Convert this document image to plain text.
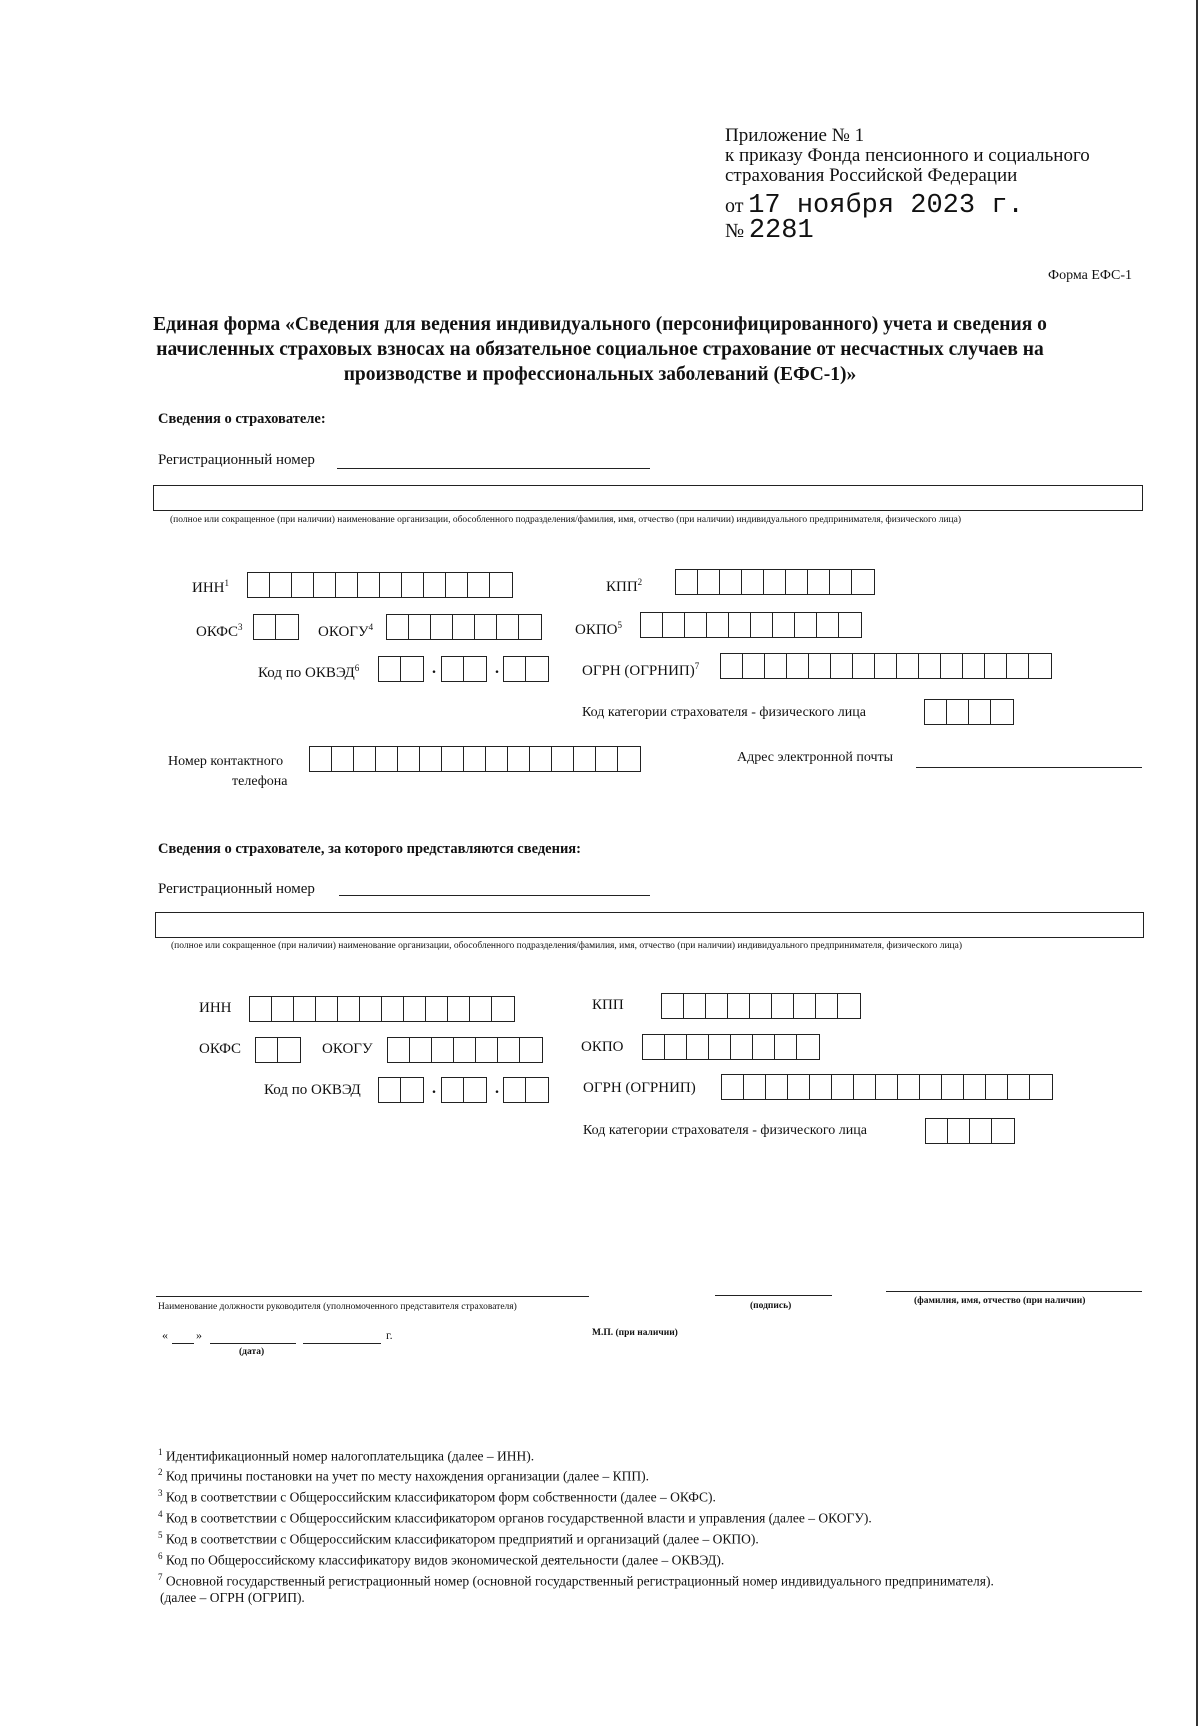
Приложение № 1
к приказу Фонда пенсионного и социального
страхования Российской Федерации
от 17 ноября 2023 г.
№ 2281
Форма ЕФС-1
Единая форма «Сведения для ведения индивидуального (персонифицированного) учета и сведения о начисленных страховых взносах на обязательное социальное страхование от несчастных случаев на производстве и профессиональных заболеваний (ЕФС-1)»
Сведения о страхователе:
Регистрационный номер
(полное или сокращенное (при наличии) наименование организации, обособленного подразделения/фамилия, имя, отчество (при наличии) индивидуального предпринимателя, физического лица)
ИНН$^1$	КПП$^2$
ОКФС$^3$	ОКОГУ$^4$	ОКПО$^5$
Код по ОКВЭД$^6$	.	.	ОГРН (ОГРНИП)$^7$
Код категории страхователя - физического лица
Номер контактного
телефона
Адрес электронной почты
Сведения о страхователе, за которого представляются сведения:
Регистрационный номер
(полное или сокращенное (при наличии) наименование организации, обособленного подразделения/фамилия, имя, отчество (при наличии) индивидуального предпринимателя, физического лица)
ИНН	КПП
ОКФС	ОКОГУ	ОКПО
Код по ОКВЭД	.	.	ОГРН (ОГРНИП)
Код категории страхователя - физического лица
Наименование должности руководителя (уполномоченного представителя страхователя)	(подпись)	(фамилия, имя, отчество (при наличии)
« »	г.
(дата)
М.П. (при наличии)
$^1$ Идентификационный номер налогоплательщика (далее – ИНН).
$^2$ Код причины постановки на учет по месту нахождения организации (далее – КПП).
$^3$ Код в соответствии с Общероссийским классификатором форм собственности (далее – ОКФС).
$^4$ Код в соответствии с Общероссийским классификатором органов государственной власти и управления (далее – ОКОГУ).
$^5$ Код в соответствии с Общероссийским классификатором предприятий и организаций (далее – ОКПО).
$^6$ Код по Общероссийскому классификатору видов экономической деятельности (далее – ОКВЭД).
$^7$ Основной государственный регистрационный номер (основной государственный регистрационный номер индивидуального предпринимателя).
(далее – ОГРН (ОГРИП).
